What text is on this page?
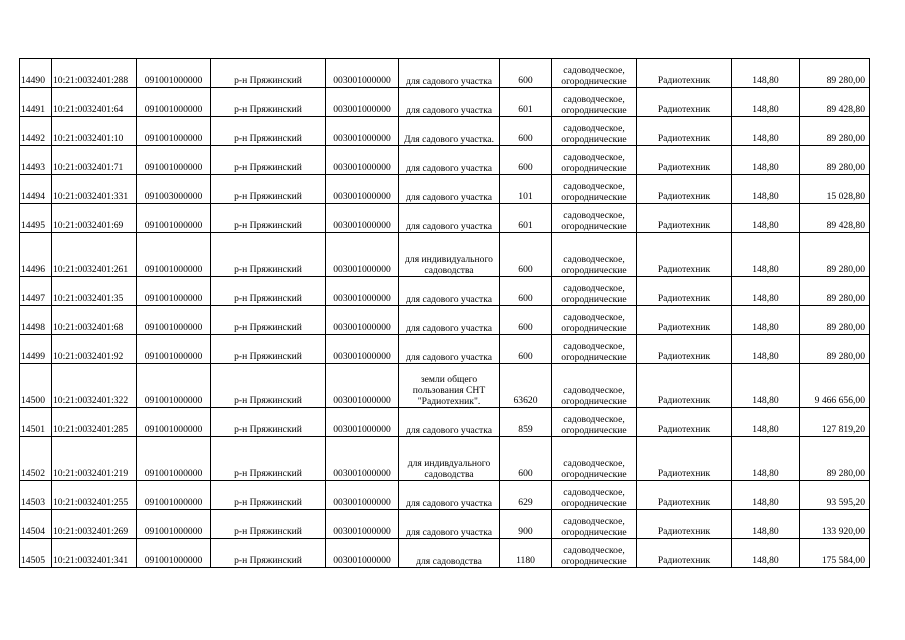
14490	10:21:0032401:288	091001000000	р-н Пряжинский	003001000000	для садового участка	600	садоводческое, огороднические	Радиотехник	148,80	89 280,00
14491	10:21:0032401:64	091001000000	р-н Пряжинский	003001000000	для садового участка	601	садоводческое, огороднические	Радиотехник	148,80	89 428,80
14492	10:21:0032401:10	091001000000	р-н Пряжинский	003001000000	Для садового участка.	600	садоводческое, огороднические	Радиотехник	148,80	89 280,00
14493	10:21:0032401:71	091001000000	р-н Пряжинский	003001000000	для садового участка	600	садоводческое, огороднические	Радиотехник	148,80	89 280,00
14494	10:21:0032401:331	091003000000	р-н Пряжинский	003001000000	для садового участка	101	садоводческое, огороднические	Радиотехник	148,80	15 028,80
14495	10:21:0032401:69	091001000000	р-н Пряжинский	003001000000	для садового участка	601	садоводческое, огороднические	Радиотехник	148,80	89 428,80
14496	10:21:0032401:261	091001000000	р-н Пряжинский	003001000000	для индивидуального садоводства	600	садоводческое, огороднические	Радиотехник	148,80	89 280,00
14497	10:21:0032401:35	091001000000	р-н Пряжинский	003001000000	для садового участка	600	садоводческое, огороднические	Радиотехник	148,80	89 280,00
14498	10:21:0032401:68	091001000000	р-н Пряжинский	003001000000	для садового участка	600	садоводческое, огороднические	Радиотехник	148,80	89 280,00
14499	10:21:0032401:92	091001000000	р-н Пряжинский	003001000000	для садового участка	600	садоводческое, огороднические	Радиотехник	148,80	89 280,00
14500	10:21:0032401:322	091001000000	р-н Пряжинский	003001000000	земли общего пользования СНТ "Радиотехник".	63620	садоводческое, огороднические	Радиотехник	148,80	9 466 656,00
14501	10:21:0032401:285	091001000000	р-н Пряжинский	003001000000	для садового участка	859	садоводческое, огороднические	Радиотехник	148,80	127 819,20
14502	10:21:0032401:219	091001000000	р-н Пряжинский	003001000000	для индивдуального садоводства	600	садоводческое, огороднические	Радиотехник	148,80	89 280,00
14503	10:21:0032401:255	091001000000	р-н Пряжинский	003001000000	для садового участка	629	садоводческое, огороднические	Радиотехник	148,80	93 595,20
14504	10:21:0032401:269	091001000000	р-н Пряжинский	003001000000	для садового участка	900	садоводческое, огороднические	Радиотехник	148,80	133 920,00
14505	10:21:0032401:341	091001000000	р-н Пряжинский	003001000000	для садоводства	1180	садоводческое, огороднические	Радиотехник	148,80	175 584,00
